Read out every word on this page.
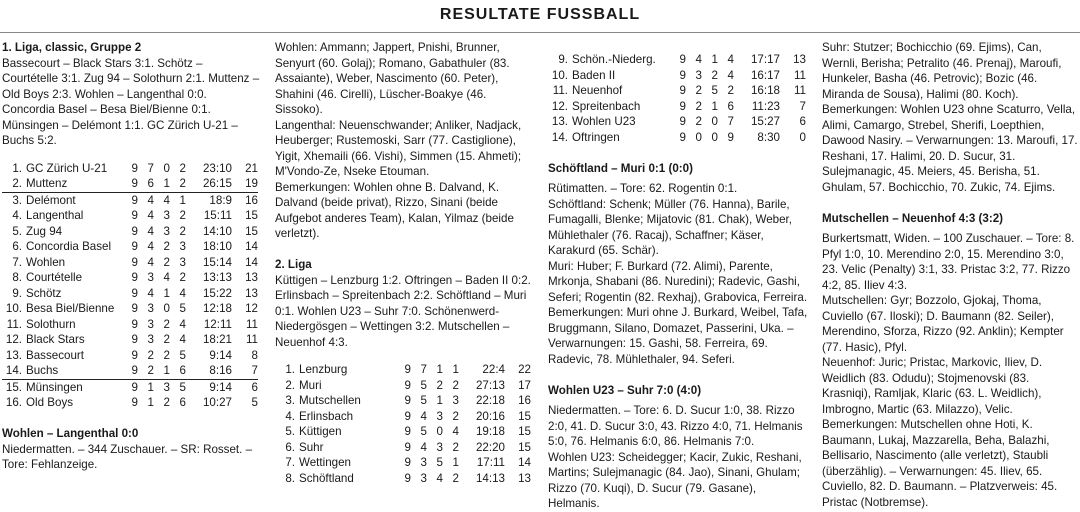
RESULTATE FUSSBALL

1. Liga, classic, Gruppe 2

Bassecourt – Black Stars 3:1. Schötz – Courtételle 3:1. Zug 94 – Solothurn 2:1. Muttenz – Old Boys 2:3. Wohlen – Langenthal 0:0. Concordia Basel – Besa Biel/Bienne 0:1. Münsingen – Delémont 1:1. GC Zürich U-21 – Buchs 5:2.

1.	GC Zürich U-21	9	7	0	2	23:10	21
2.	Muttenz	9	6	1	2	26:15	19
3.	Delémont	9	4	4	1	18:9	16
4.	Langenthal	9	4	3	2	15:11	15
5.	Zug 94	9	4	3	2	14:10	15
6.	Concordia Basel	9	4	2	3	18:10	14
7.	Wohlen	9	4	2	3	15:14	14
8.	Courtételle	9	3	4	2	13:13	13
9.	Schötz	9	4	1	4	15:22	13
10.	Besa Biel/Bienne	9	3	0	5	12:18	12
11.	Solothurn	9	3	2	4	12:11	11
12.	Black Stars	9	3	2	4	18:21	11
13.	Bassecourt	9	2	2	5	9:14	8
14.	Buchs	9	2	1	6	8:16	7
15.	Münsingen	9	1	3	5	9:14	6
16.	Old Boys	9	1	2	6	10:27	5

Wohlen – Langenthal 0:0

Niedermatten. – 344 Zuschauer. – SR: Rosset. – Tore: Fehlanzeige.

Wohlen: Ammann; Jappert, Pnishi, Brunner, Senyurt (60. Golaj); Romano, Gabathuler (83. Assaiante), Weber, Nascimento (60. Peter), Shahini (46. Cirelli), Lüscher-Boakye (46. Sissoko).

Langenthal: Neuenschwander; Anliker, Nadjack, Heuberger; Rustemoski, Sarr (77. Castiglione), Yigit, Xhemaili (66. Vishi), Simmen (15. Ahmeti); M'Vondo-Ze, Nseke Etouman.

Bemerkungen: Wohlen ohne B. Dalvand, K. Dalvand (beide privat), Rizzo, Sinani (beide Aufgebot anderes Team), Kalan, Yilmaz (beide verletzt).

2. Liga

Küttigen – Lenzburg 1:2. Oftringen – Baden II 0:2. Erlinsbach – Spreitenbach 2:2. Schöftland – Muri 0:1. Wohlen U23 – Suhr 7:0. Schönenwerd-Niedergösgen – Wettingen 3:2. Mutschellen – Neuenhof 4:3.

1.	Lenzburg	9	7	1	1	22:4	22
2.	Muri	9	5	2	2	27:13	17
3.	Mutschellen	9	5	1	3	22:18	16
4.	Erlinsbach	9	4	3	2	20:16	15
5.	Küttigen	9	5	0	4	19:18	15
6.	Suhr	9	4	3	2	22:20	15
7.	Wettingen	9	3	5	1	17:11	14
8.	Schöftland	9	3	4	2	14:13	13
9.	Schön.-Niederg.	9	4	1	4	17:17	13
10.	Baden II	9	3	2	4	16:17	11
11.	Neuenhof	9	2	5	2	16:18	11
12.	Spreitenbach	9	2	1	6	11:23	7
13.	Wohlen U23	9	2	0	7	15:27	6
14.	Oftringen	9	0	0	9	8:30	0

Schöftland – Muri 0:1 (0:0)

Rütimatten. – Tore: 62. Rogentin 0:1.

Schöftland: Schenk; Müller (76. Hanna), Barile, Fumagalli, Blenke; Mijatovic (81. Chak), Weber, Mühlethaler (76. Racaj), Schaffner; Käser, Karakurd (65. Schär).

Muri: Huber; F. Burkard (72. Alimi), Parente, Mrkonja, Shabani (86. Nuredini); Radevic, Gashi, Seferi; Rogentin (82. Rexhaj), Grabovica, Ferreira.

Bemerkungen: Muri ohne J. Burkard, Weibel, Tafa, Bruggmann, Silano, Domazet, Passerini, Uka. – Verwarnungen: 15. Gashi, 58. Ferreira, 69. Radevic, 78. Mühlethaler, 94. Seferi.

Wohlen U23 – Suhr 7:0 (4:0)

Niedermatten. – Tore: 6. D. Sucur 1:0, 38. Rizzo 2:0, 41. D. Sucur 3:0, 43. Rizzo 4:0, 71. Helmanis 5:0, 76. Helmanis 6:0, 86. Helmanis 7:0.

Wohlen U23: Scheidegger; Kacir, Zukic, Reshani, Martins; Sulejmanagic (84. Jao), Sinani, Ghulam; Rizzo (70. Kuqi), D. Sucur (79. Gasane), Helmanis.

Suhr: Stutzer; Bochicchio (69. Ejims), Can, Wernli, Berisha; Petralito (46. Prenaj), Maroufi, Hunkeler, Basha (46. Petrovic); Bozic (46. Miranda de Sousa), Halimi (80. Koch).

Bemerkungen: Wohlen U23 ohne Scaturro, Vella, Alimi, Camargo, Strebel, Sherifi, Loepthien, Dawood Nasiry. – Verwarnungen: 13. Maroufi, 17. Reshani, 17. Halimi, 20. D. Sucur, 31. Sulejmanagic, 45. Meiers, 45. Berisha, 51. Ghulam, 57. Bochicchio, 70. Zukic, 74. Ejims.

Mutschellen – Neuenhof 4:3 (3:2)

Burkertsmatt, Widen. – 100 Zuschauer. – Tore: 8. Pfyl 1:0, 10. Merendino 2:0, 15. Merendino 3:0, 23. Velic (Penalty) 3:1, 33. Pristac 3:2, 77. Rizzo 4:2, 85. Iliev 4:3.

Mutschellen: Gyr; Bozzolo, Gjokaj, Thoma, Cuviello (67. Iloski); D. Baumann (82. Seiler), Merendino, Sforza, Rizzo (92. Anklin); Kempter (77. Hasic), Pfyl.

Neuenhof: Juric; Pristac, Markovic, Iliev, D. Weidlich (83. Odudu); Stojmenovski (83. Krasniqi), Ramljak, Klaric (63. L. Weidlich), Imbrogno, Martic (63. Milazzo), Velic.

Bemerkungen: Mutschellen ohne Hoti, K. Baumann, Lukaj, Mazzarella, Beha, Balazhi, Bellisario, Nascimento (alle verletzt), Staubli (überzählig). – Verwarnungen: 45. Iliev, 65. Cuviello, 82. D. Baumann. – Platzverweis: 45. Pristac (Notbremse).
